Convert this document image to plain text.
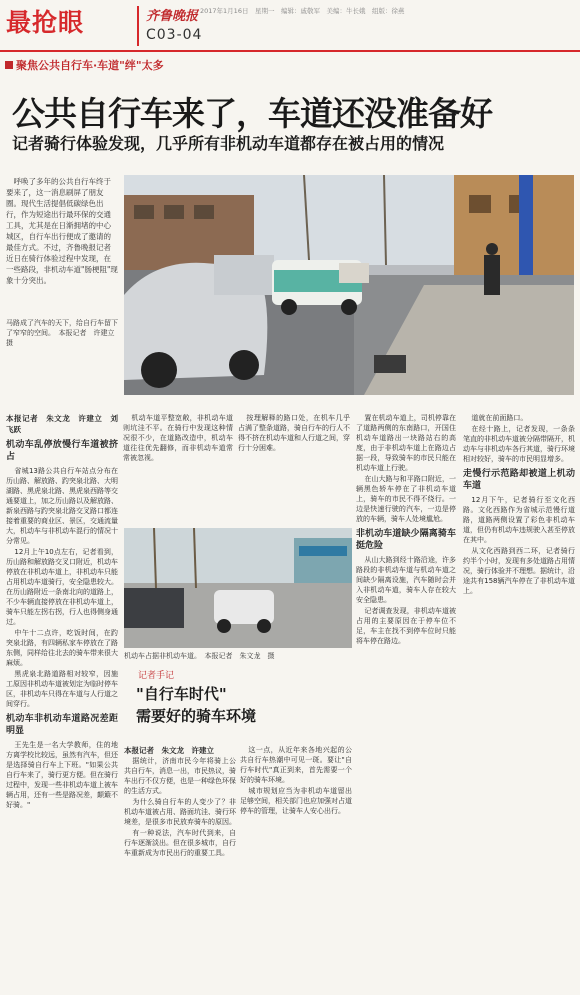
最抢眼	齐鲁晚报 2017年1月16日　星期一　编辑：戚敬军　美编：牛长娥　组版：徐燕
C03-04
聚焦公共自行车·车道"绊"太多
公共自行车来了，车道还没准备好
记者骑行体验发现，几乎所有非机动车道都存在被占用的情况

呼唤了多年的公共自行车终于要来了，这一消息刷屏了朋友圈。现代生活提倡低碳绿色出行，作为短途出行最环保的交通工具，尤其是在日渐拥堵的中心城区，自行车出行便成了邀请的最佳方式。不过，齐鲁晚报记者近日在骑行体验过程中发现，在一些路段，非机动车道"肠梗阻"现象十分突出。

马路成了汽车的天下，给自行车留下了窄窄的空间。　本报记者　许建立　摄
本报记者　朱文龙　许建立　刘飞跃
机动车乱停放慢行车道被挤占

省城13路公共自行车站点分布在历山路、解放路、趵突泉北路、大明湖路、黑虎泉北路、黑虎泉西路等交通要道上，加之历山路以及解放路、新泉西路与趵突泉北路交叉路口都连接着重要的商业区、景区，交通流量大，机动车与非机动车混行的情况十分常见。

12月上午10点左右，记者看到，历山路和解放路交叉口附近，机动车停放在非机动车道上，非机动车只能占用机动车道骑行，安全隐患较大。在历山路附近一条南北向的道路上，不少车辆直接停放在非机动车道上，骑车只能左拐右拐，行人也得侧身通过。

中午十二点许，吃饭时间，在趵突泉北路，有四辆私家车停放在了路东侧，同样给往北去的骑车带来很大麻烦。

黑虎泉北路道路相对较窄，因施工原因非机动车道被划定为临时停车区，非机动车只得在车道与人行道之间穿行。

机动车非机动车道路况差距明显

王先生是一名大学教师，住的地方离学校比较远，虽然有汽车，但还是选择骑自行车上下班。"如果公共自行车来了，骑行更方便。但在骑行过程中，发现一些非机动车道上被车辆占用，还有一些是路况差，颠簸不好骑。"

机动车道平整宽敞，非机动车道则坑洼不平。在骑行中发现这种情况很不少，在道路改造中，机动车道往往优先翻修，而非机动车道常常被忽视。

按理解释的路口处，在机车几乎占满了整条道路，骑自行车的行人不得不挤在机动车道和人行道之间，穿行十分困难。

机动车占据非机动车道。　本报记者　朱文龙　摄
记者手记
"自行车时代"
需要好的骑车环境
本报记者　朱文龙　许建立

据统计，济南市民今年将骑上公共自行车，消息一出，市民热议，骑车出行不仅方便，也是一种绿色环保的生活方式。

为什么骑自行车的人变少了？非机动车道被占用、路面坑洼、骑行环境差，是很多市民放弃骑车的原因。

有一种说法，汽车时代到来，自行车逐渐淡出。但在很多城市，自行车重新成为市民出行的重要工具。

这一点，从近年来各地兴起的公共自行车热潮中可见一斑。要让"自行车时代"真正到来，首先需要一个好的骑车环境。

城市规划应当为非机动车道留出足够空间，相关部门也应加强对占道停车的管理，让骑车人安心出行。

置在机动车道上，司机停靠在了道路两侧的东南路口，开国住机动车道路出一块路站右的高度，由于非机动车道上在路边占据一段，导致骑车的市民只能在机动车道上行驶。

在山大路与和平路口附近，一辆黑色轿车停在了非机动车道上，骑车的市民不得不绕行。一边是快速行驶的汽车，一边是停放的车辆，骑车人处境尴尬。

非机动车道缺少隔离骑车挺危险

从山大路到经十路沿途，许多路段的非机动车道与机动车道之间缺少隔离设施，汽车随时会并入非机动车道，骑车人存在较大安全隐患。

记者调查发现，非机动车道被占用的主要原因在于停车位不足，车主在找不到停车位时只能将车停在路边。

道就在前面路口。

在经十路上，记者发现，一条条笔直的非机动车道被分隔带隔开，机动车与非机动车各行其道，骑行环境相对较好，骑车的市民明显增多。

走慢行示范路却被道上机动车道

12月下午，记者骑行至文化西路。文化西路作为省城示范慢行道路，道路两侧设置了彩色非机动车道，但仍有机动车违规驶入甚至停放在其中。

从文化西路到西二环，记者骑行约半个小时，发现有多处道路占用情况，骑行体验并不理想。据统计，沿途共有158辆汽车停在了非机动车道上。
